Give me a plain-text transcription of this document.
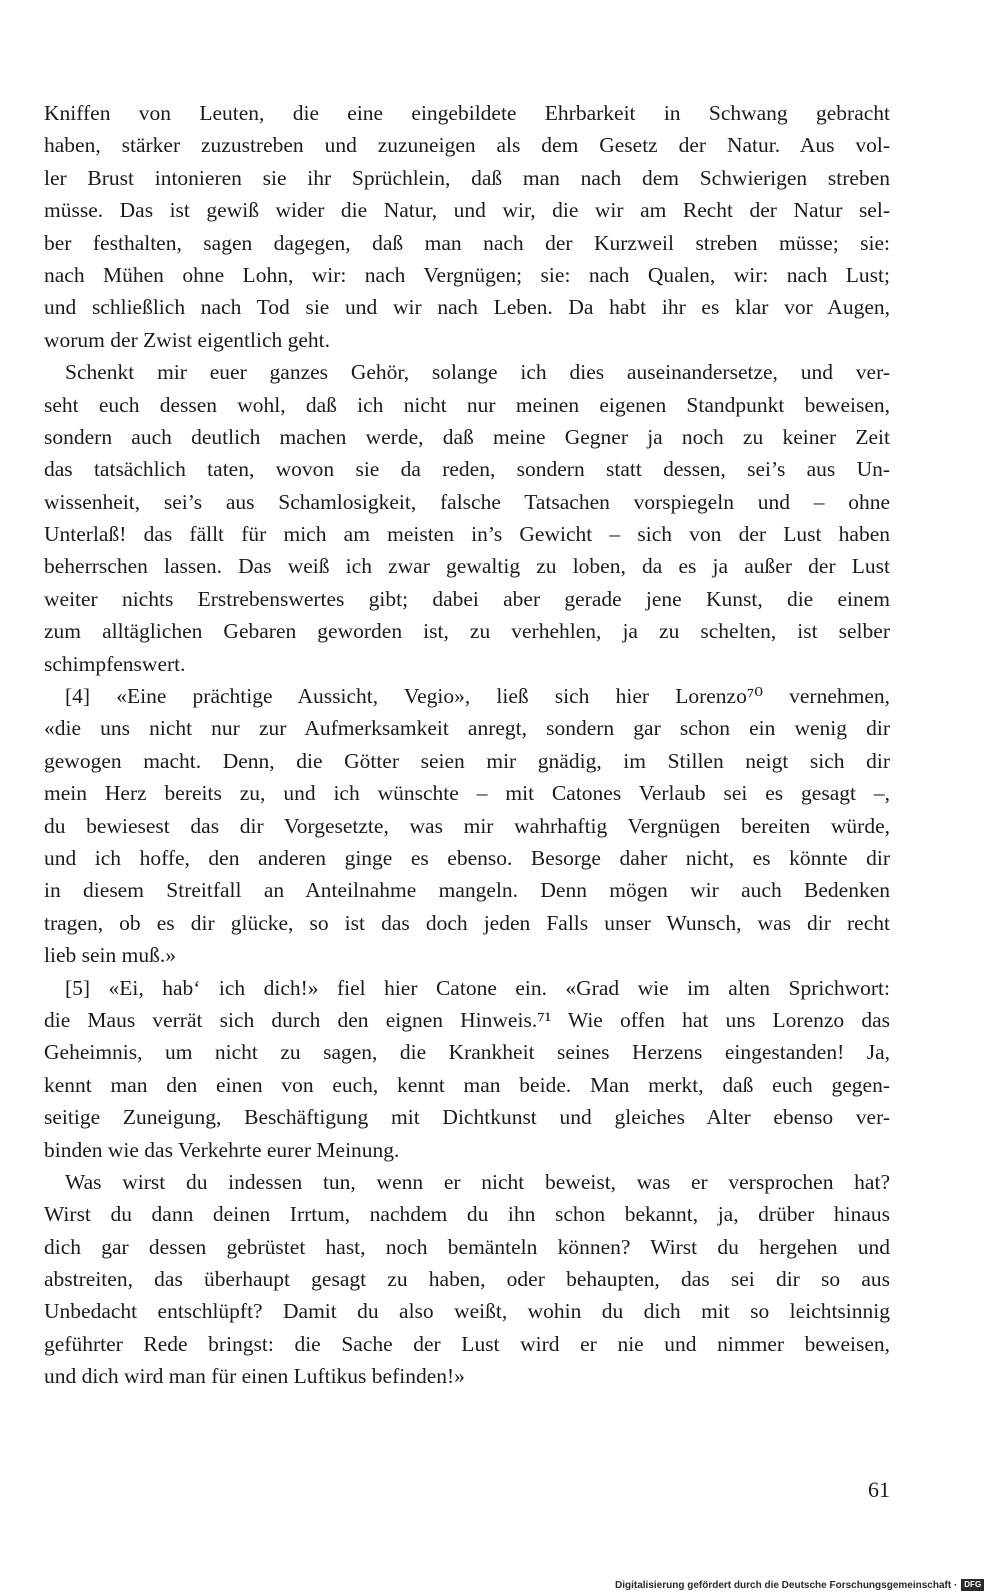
Kniffen von Leuten, die eine eingebildete Ehrbarkeit in Schwang gebracht
haben, stärker zuzustreben und zuzuneigen als dem Gesetz der Natur. Aus vol-
ler Brust intonieren sie ihr Sprüchlein, daß man nach dem Schwierigen streben
müsse. Das ist gewiß wider die Natur, und wir, die wir am Recht der Natur sel-
ber festhalten, sagen dagegen, daß man nach der Kurzweil streben müsse; sie:
nach Mühen ohne Lohn, wir: nach Vergnügen; sie: nach Qualen, wir: nach Lust;
und schließlich nach Tod sie und wir nach Leben. Da habt ihr es klar vor Augen,
worum der Zwist eigentlich geht.
Schenkt mir euer ganzes Gehör, solange ich dies auseinandersetze, und ver-
seht euch dessen wohl, daß ich nicht nur meinen eigenen Standpunkt beweisen,
sondern auch deutlich machen werde, daß meine Gegner ja noch zu keiner Zeit
das tatsächlich taten, wovon sie da reden, sondern statt dessen, sei’s aus Un-
wissenheit, sei’s aus Schamlosigkeit, falsche Tatsachen vorspiegeln und – ohne
Unterlaß! das fällt für mich am meisten in’s Gewicht – sich von der Lust haben
beherrschen lassen. Das weiß ich zwar gewaltig zu loben, da es ja außer der Lust
weiter nichts Erstrebenswertes gibt; dabei aber gerade jene Kunst, die einem
zum alltäglichen Gebaren geworden ist, zu verhehlen, ja zu schelten, ist selber
schimpfenswert.
[4] «Eine prächtige Aussicht, Vegio», ließ sich hier Lorenzo⁷⁰ vernehmen,
«die uns nicht nur zur Aufmerksamkeit anregt, sondern gar schon ein wenig dir
gewogen macht. Denn, die Götter seien mir gnädig, im Stillen neigt sich dir
mein Herz bereits zu, und ich wünschte – mit Catones Verlaub sei es gesagt –,
du bewiesest das dir Vorgesetzte, was mir wahrhaftig Vergnügen bereiten würde,
und ich hoffe, den anderen ginge es ebenso. Besorge daher nicht, es könnte dir
in diesem Streitfall an Anteilnahme mangeln. Denn mögen wir auch Bedenken
tragen, ob es dir glücke, so ist das doch jeden Falls unser Wunsch, was dir recht
lieb sein muß.»
[5] «Ei, hab‘ ich dich!» fiel hier Catone ein. «Grad wie im alten Sprichwort:
die Maus verrät sich durch den eignen Hinweis.⁷¹ Wie offen hat uns Lorenzo das
Geheimnis, um nicht zu sagen, die Krankheit seines Herzens eingestanden! Ja,
kennt man den einen von euch, kennt man beide. Man merkt, daß euch gegen-
seitige Zuneigung, Beschäftigung mit Dichtkunst und gleiches Alter ebenso ver-
binden wie das Verkehrte eurer Meinung.
Was wirst du indessen tun, wenn er nicht beweist, was er versprochen hat?
Wirst du dann deinen Irrtum, nachdem du ihn schon bekannt, ja, drüber hinaus
dich gar dessen gebrüstet hast, noch bemänteln können? Wirst du hergehen und
abstreiten, das überhaupt gesagt zu haben, oder behaupten, das sei dir so aus
Unbedacht entschlüpft? Damit du also weißt, wohin du dich mit so leichtsinnig
geführter Rede bringst: die Sache der Lust wird er nie und nimmer beweisen,
und dich wird man für einen Luftikus befinden!»
61
Digitalisierung gefördert durch die Deutsche Forschungsgemeinschaft · DFG
